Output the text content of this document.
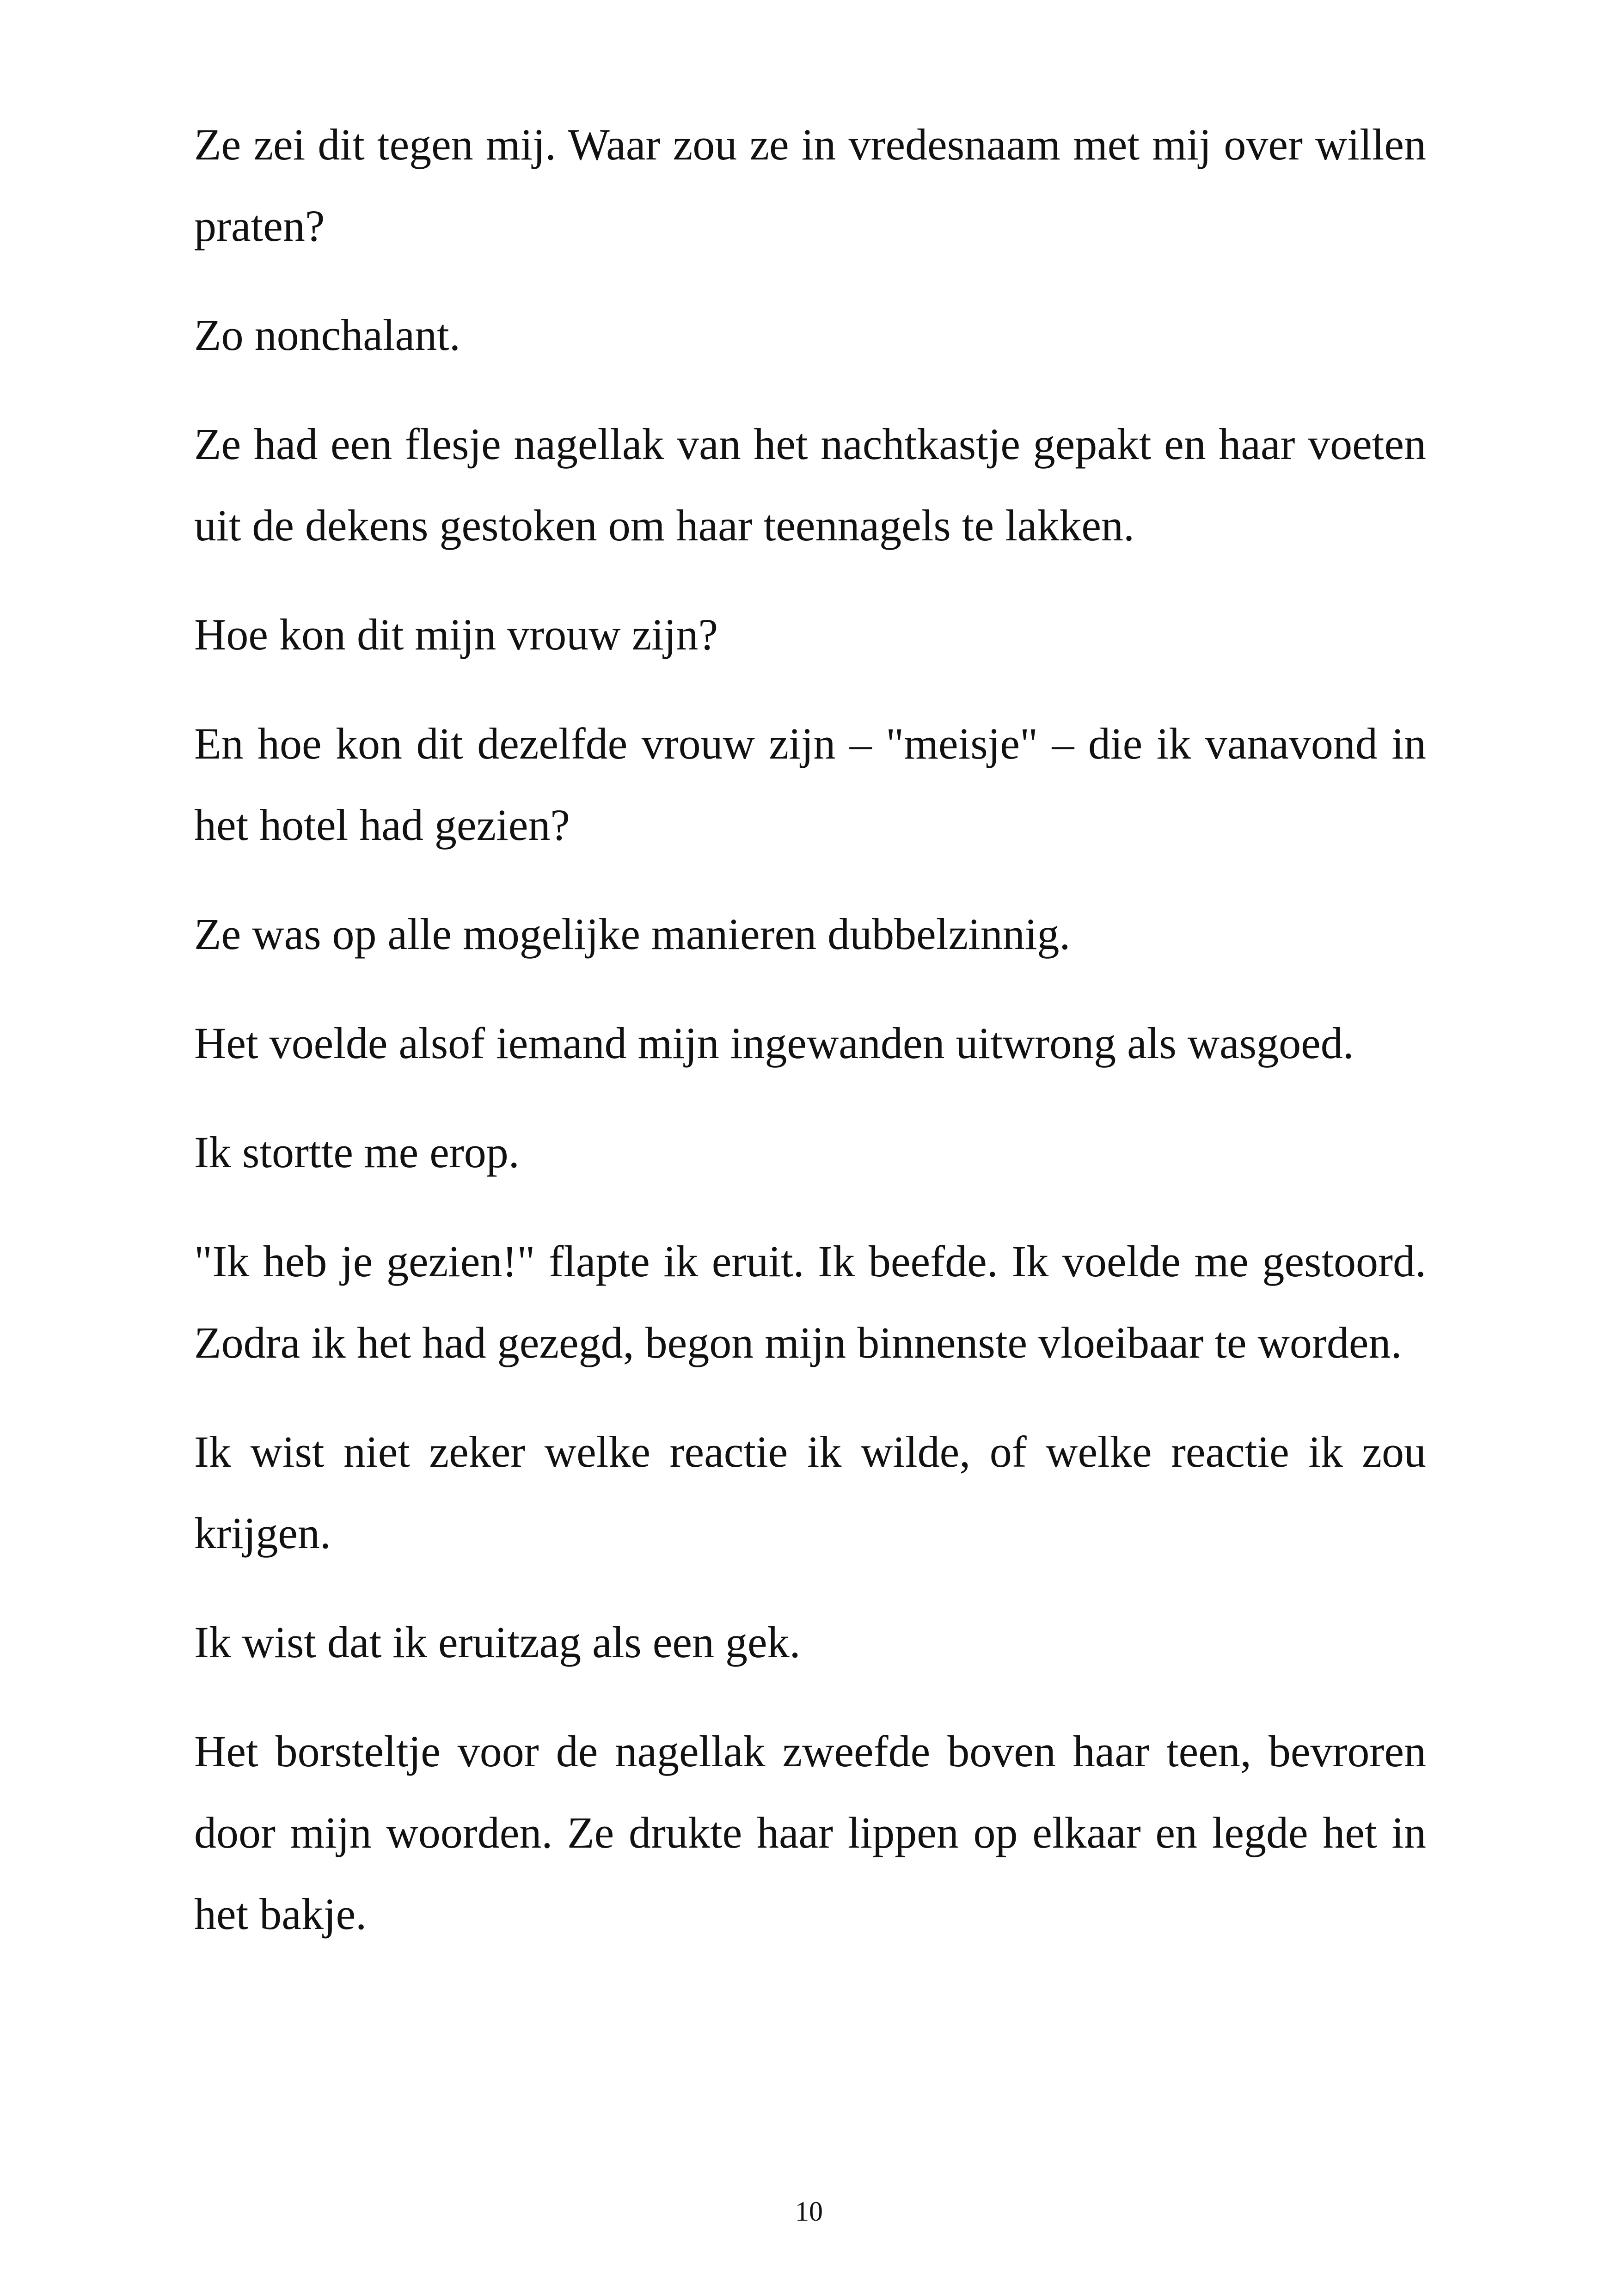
Ze zei dit tegen mij. Waar zou ze in vredesnaam met mij over willen praten?

Zo nonchalant.

Ze had een flesje nagellak van het nachtkastje gepakt en haar voeten uit de dekens gestoken om haar teennagels te lakken.

Hoe kon dit mijn vrouw zijn?

En hoe kon dit dezelfde vrouw zijn – "meisje" – die ik vanavond in het hotel had gezien?

Ze was op alle mogelijke manieren dubbelzinnig.

Het voelde alsof iemand mijn ingewanden uitwrong als wasgoed.

Ik stortte me erop.

"Ik heb je gezien!" flapte ik eruit. Ik beefde. Ik voelde me gestoord. Zodra ik het had gezegd, begon mijn binnenste vloeibaar te worden.

Ik wist niet zeker welke reactie ik wilde, of welke reactie ik zou krijgen.

Ik wist dat ik eruitzag als een gek.

Het borsteltje voor de nagellak zweefde boven haar teen, bevroren door mijn woorden. Ze drukte haar lippen op elkaar en legde het in het bakje.

10
